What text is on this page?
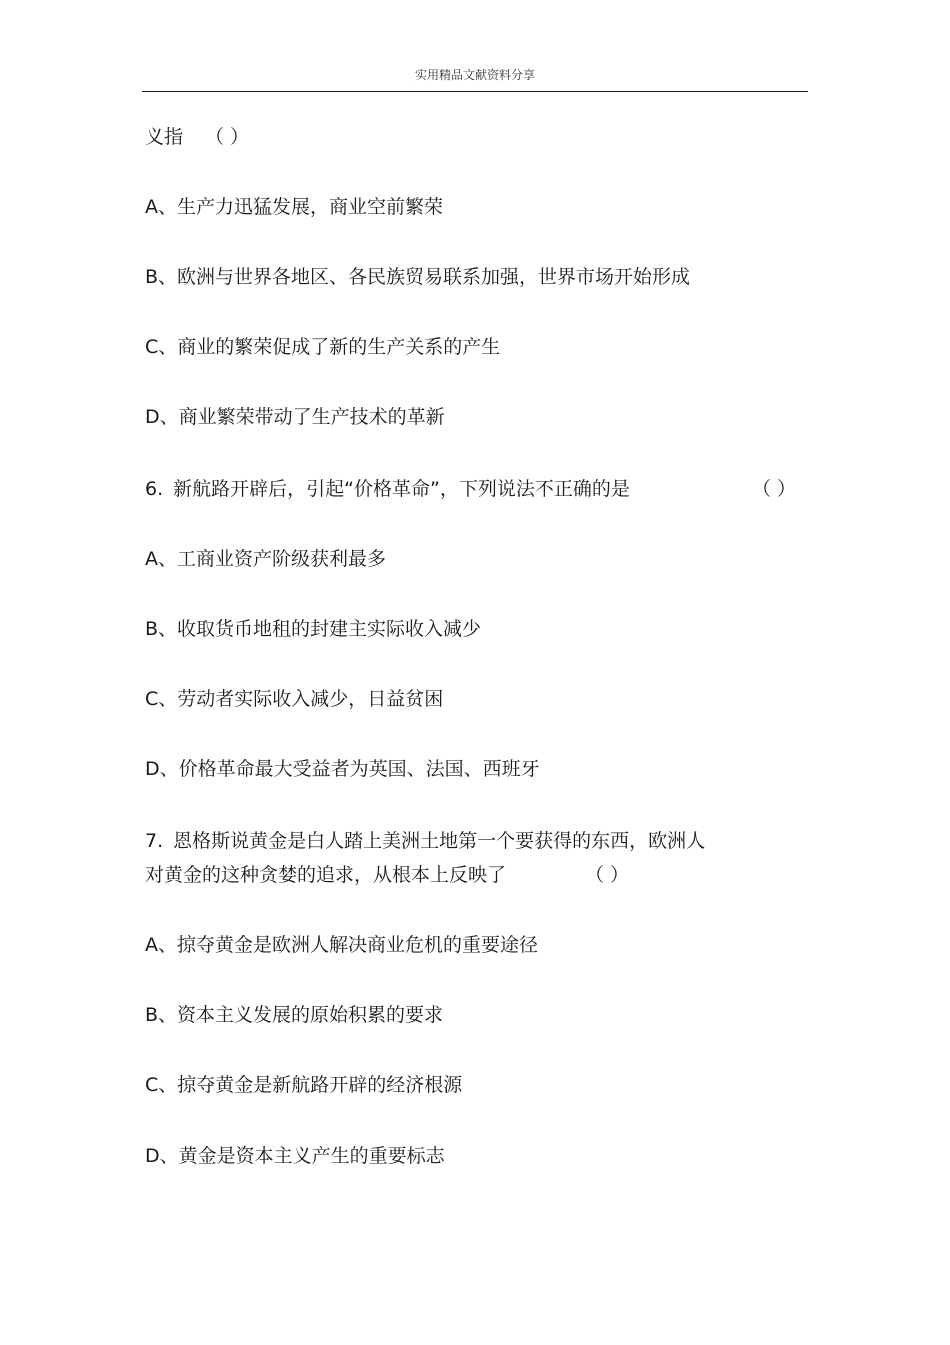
实用精品文献资料分享
义指 （ ）
A、生产力迅猛发展，商业空前繁荣
B、欧洲与世界各地区、各民族贸易联系加强，世界市场开始形成
C、商业的繁荣促成了新的生产关系的产生
D、商业繁荣带动了生产技术的革新
6. 新航路开辟后，引起“价格革命”，下列说法不正确的是	（ ）
A、工商业资产阶级获利最多
B、收取货币地租的封建主实际收入减少
C、劳动者实际收入减少，日益贫困
D、价格革命最大受益者为英国、法国、西班牙
7. 恩格斯说黄金是白人踏上美洲土地第一个要获得的东西，欧洲人
对黄金的这种贪婪的追求，从根本上反映了	（ ）
A、掠夺黄金是欧洲人解决商业危机的重要途径
B、资本主义发展的原始积累的要求
C、掠夺黄金是新航路开辟的经济根源
D、黄金是资本主义产生的重要标志
